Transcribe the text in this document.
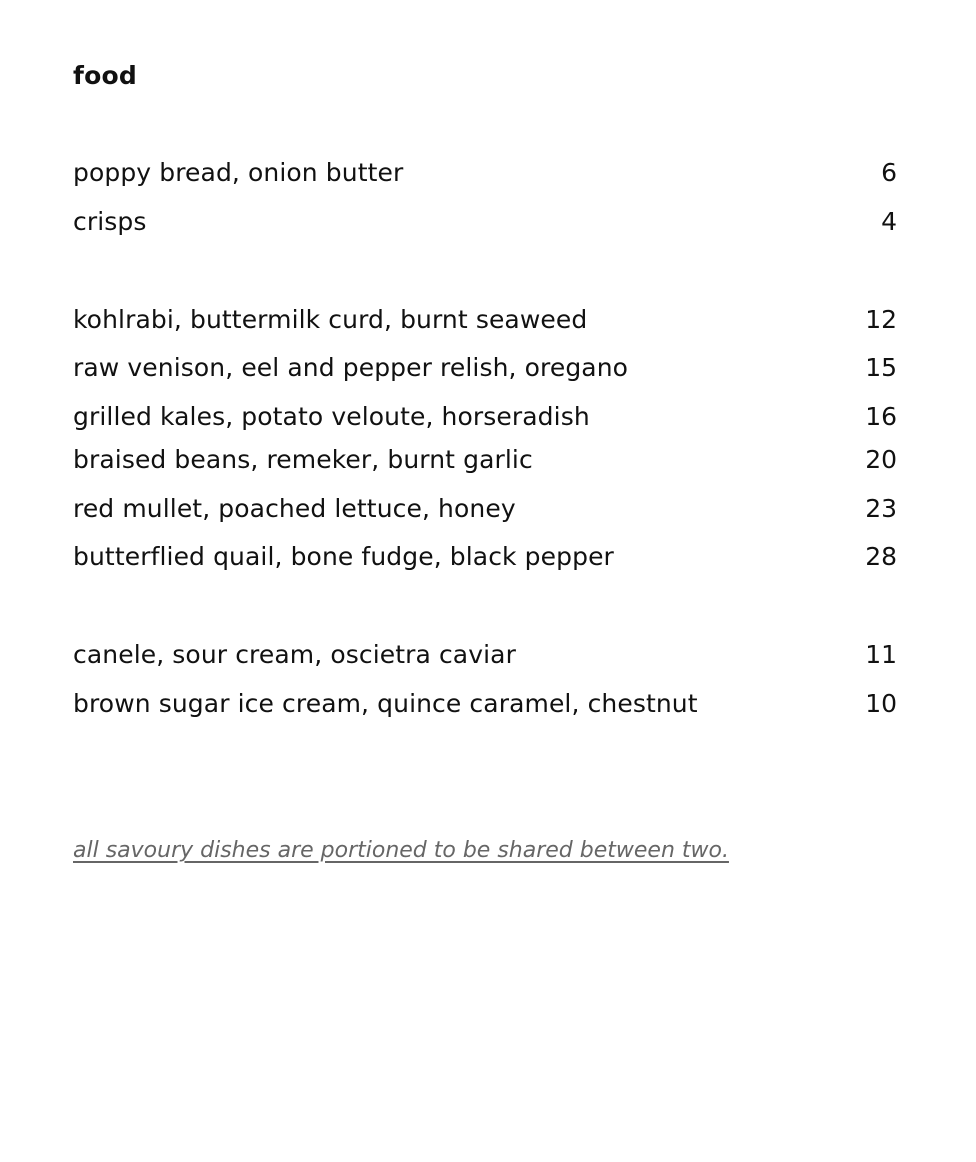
food
poppy bread, onion butter	6
crisps	4
kohlrabi, buttermilk curd, burnt seaweed	12
raw venison, eel and pepper relish, oregano	15
grilled kales, potato veloute, horseradish	16
braised beans, remeker, burnt garlic	20
red mullet, poached lettuce, honey	23
butterflied quail, bone fudge, black pepper	28
canele, sour cream, oscietra caviar	11
brown sugar ice cream, quince caramel, chestnut	10
all savoury dishes are portioned to be shared between two.
